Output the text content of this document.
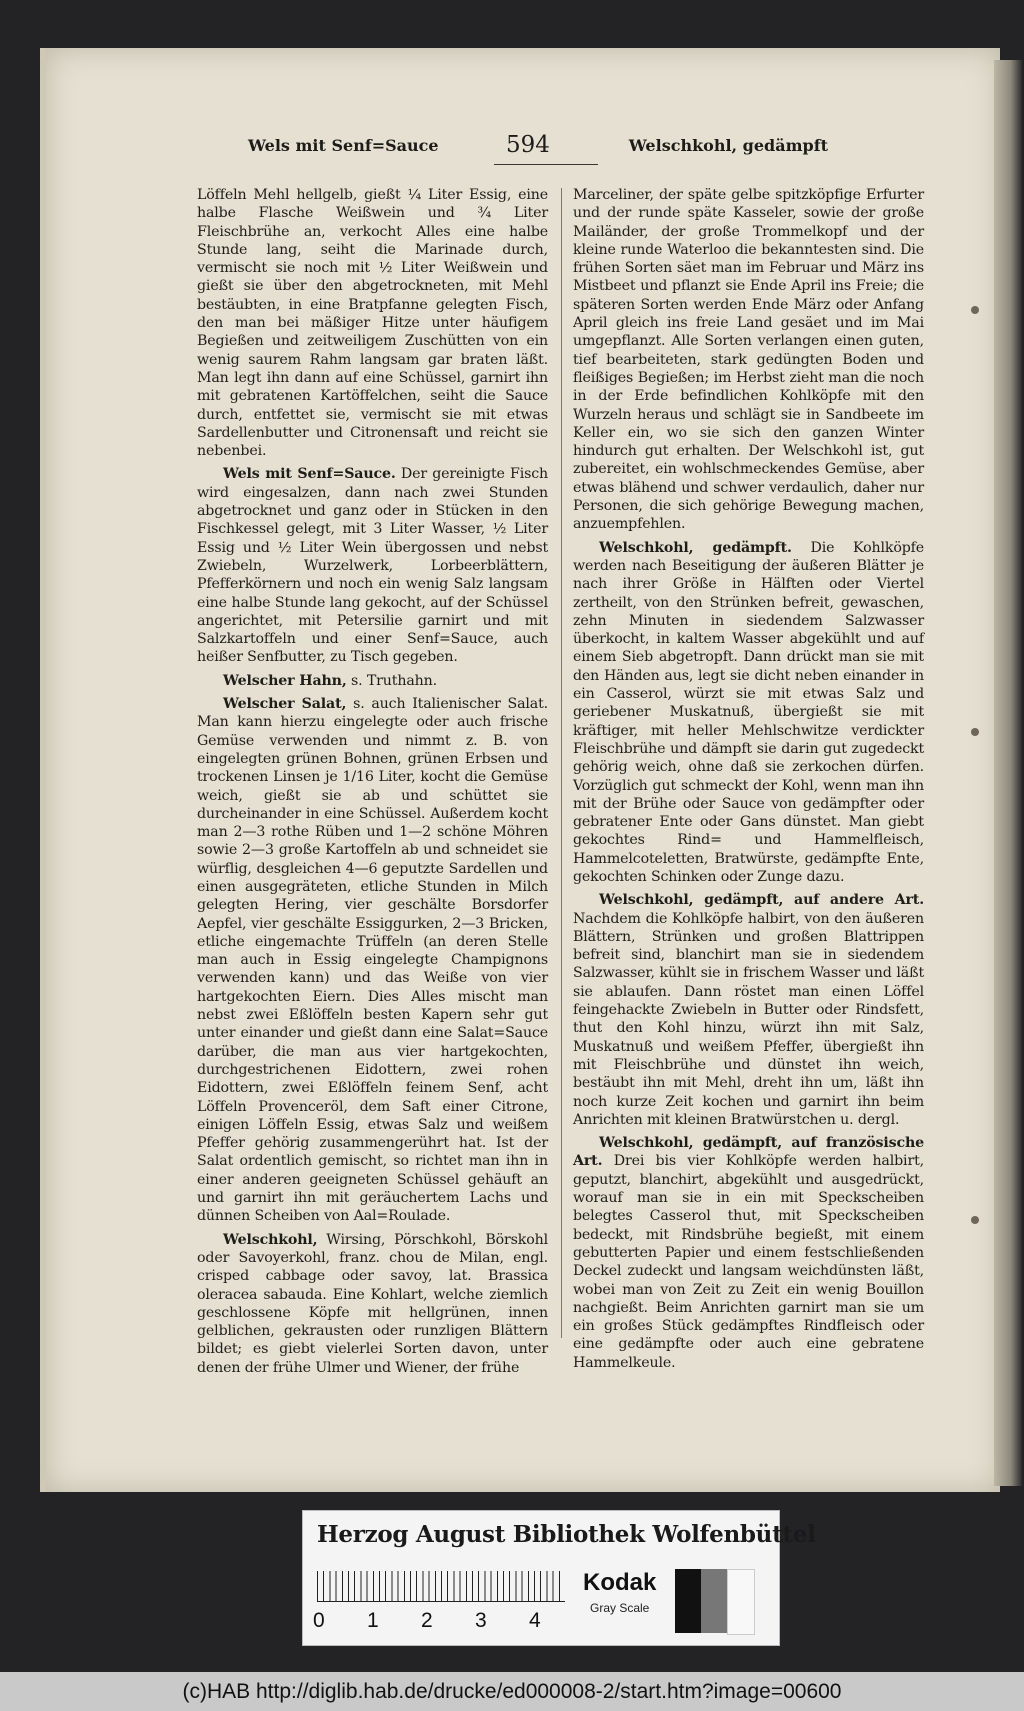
Wels mit Senf=Sauce	594	Welschkohl, gedämpft

Löffeln Mehl hellgelb, gießt ¼ Liter Essig, eine halbe Flasche Weißwein und ¾ Liter Fleischbrühe an, verkocht Alles eine halbe Stunde lang, seiht die Marinade durch, vermischt sie noch mit ½ Liter Weißwein und gießt sie über den abgetrockneten, mit Mehl bestäubten, in eine Bratpfanne gelegten Fisch, den man bei mäßiger Hitze unter häufigem Begießen und zeitweiligem Zuschütten von ein wenig saurem Rahm langsam gar braten läßt. Man legt ihn dann auf eine Schüssel, garnirt ihn mit gebratenen Kartöffelchen, seiht die Sauce durch, entfettet sie, vermischt sie mit etwas Sardellenbutter und Citronensaft und reicht sie nebenbei.

Wels mit Senf=Sauce. Der gereinigte Fisch wird eingesalzen, dann nach zwei Stunden abgetrocknet und ganz oder in Stücken in den Fischkessel gelegt, mit 3 Liter Wasser, ½ Liter Essig und ½ Liter Wein übergossen und nebst Zwiebeln, Wurzelwerk, Lorbeerblättern, Pfefferkörnern und noch ein wenig Salz langsam eine halbe Stunde lang gekocht, auf der Schüssel angerichtet, mit Petersilie garnirt und mit Salzkartoffeln und einer Senf=Sauce, auch heißer Senfbutter, zu Tisch gegeben.

Welscher Hahn, s. Truthahn.

Welscher Salat, s. auch Italienischer Salat. Man kann hierzu eingelegte oder auch frische Gemüse verwenden und nimmt z. B. von eingelegten grünen Bohnen, grünen Erbsen und trockenen Linsen je 1/16 Liter, kocht die Gemüse weich, gießt sie ab und schüttet sie durcheinander in eine Schüssel. Außerdem kocht man 2—3 rothe Rüben und 1—2 schöne Möhren sowie 2—3 große Kartoffeln ab und schneidet sie würflig, desgleichen 4—6 geputzte Sardellen und einen ausgegräteten, etliche Stunden in Milch gelegten Hering, vier geschälte Borsdorfer Aepfel, vier geschälte Essiggurken, 2—3 Bricken, etliche eingemachte Trüffeln (an deren Stelle man auch in Essig eingelegte Champignons verwenden kann) und das Weiße von vier hartgekochten Eiern. Dies Alles mischt man nebst zwei Eßlöffeln besten Kapern sehr gut unter einander und gießt dann eine Salat=Sauce darüber, die man aus vier hartgekochten, durchgestrichenen Eidottern, zwei rohen Eidottern, zwei Eßlöffeln feinem Senf, acht Löffeln Provenceröl, dem Saft einer Citrone, einigen Löffeln Essig, etwas Salz und weißem Pfeffer gehörig zusammengerührt hat. Ist der Salat ordentlich gemischt, so richtet man ihn in einer anderen geeigneten Schüssel gehäuft an und garnirt ihn mit geräuchertem Lachs und dünnen Scheiben von Aal=Roulade.

Welschkohl, Wirsing, Pörschkohl, Börskohl oder Savoyerkohl, franz. chou de Milan, engl. crisped cabbage oder savoy, lat. Brassica oleracea sabauda. Eine Kohlart, welche ziemlich geschlossene Köpfe mit hellgrünen, innen gelblichen, gekrausten oder runzligen Blättern bildet; es giebt vielerlei Sorten davon, unter denen der frühe Ulmer und Wiener, der frühe

Marceliner, der späte gelbe spitzköpfige Erfurter und der runde späte Kasseler, sowie der große Mailänder, der große Trommelkopf und der kleine runde Waterloo die bekanntesten sind. Die frühen Sorten säet man im Februar und März ins Mistbeet und pflanzt sie Ende April ins Freie; die späteren Sorten werden Ende März oder Anfang April gleich ins freie Land gesäet und im Mai umgepflanzt. Alle Sorten verlangen einen guten, tief bearbeiteten, stark gedüngten Boden und fleißiges Begießen; im Herbst zieht man die noch in der Erde befindlichen Kohlköpfe mit den Wurzeln heraus und schlägt sie in Sandbeete im Keller ein, wo sie sich den ganzen Winter hindurch gut erhalten. Der Welschkohl ist, gut zubereitet, ein wohlschmeckendes Gemüse, aber etwas blähend und schwer verdaulich, daher nur Personen, die sich gehörige Bewegung machen, anzuempfehlen.

Welschkohl, gedämpft. Die Kohlköpfe werden nach Beseitigung der äußeren Blätter je nach ihrer Größe in Hälften oder Viertel zertheilt, von den Strünken befreit, gewaschen, zehn Minuten in siedendem Salzwasser überkocht, in kaltem Wasser abgekühlt und auf einem Sieb abgetropft. Dann drückt man sie mit den Händen aus, legt sie dicht neben einander in ein Casserol, würzt sie mit etwas Salz und geriebener Muskatnuß, übergießt sie mit kräftiger, mit heller Mehlschwitze verdickter Fleischbrühe und dämpft sie darin gut zugedeckt gehörig weich, ohne daß sie zerkochen dürfen. Vorzüglich gut schmeckt der Kohl, wenn man ihn mit der Brühe oder Sauce von gedämpfter oder gebratener Ente oder Gans dünstet. Man giebt gekochtes Rind= und Hammelfleisch, Hammelcoteletten, Bratwürste, gedämpfte Ente, gekochten Schinken oder Zunge dazu.

Welschkohl, gedämpft, auf andere Art. Nachdem die Kohlköpfe halbirt, von den äußeren Blättern, Strünken und großen Blattrippen befreit sind, blanchirt man sie in siedendem Salzwasser, kühlt sie in frischem Wasser und läßt sie ablaufen. Dann röstet man einen Löffel feingehackte Zwiebeln in Butter oder Rindsfett, thut den Kohl hinzu, würzt ihn mit Salz, Muskatnuß und weißem Pfeffer, übergießt ihn mit Fleischbrühe und dünstet ihn weich, bestäubt ihn mit Mehl, dreht ihn um, läßt ihn noch kurze Zeit kochen und garnirt ihn beim Anrichten mit kleinen Bratwürstchen u. dergl.

Welschkohl, gedämpft, auf französische Art. Drei bis vier Kohlköpfe werden halbirt, geputzt, blanchirt, abgekühlt und ausgedrückt, worauf man sie in ein mit Speckscheiben belegtes Casserol thut, mit Speckscheiben bedeckt, mit Rindsbrühe begießt, mit einem gebutterten Papier und einem festschließenden Deckel zudeckt und langsam weichdünsten läßt, wobei man von Zeit zu Zeit ein wenig Bouillon nachgießt. Beim Anrichten garnirt man sie um ein großes Stück gedämpftes Rindfleisch oder eine gedämpfte oder auch eine gebratene Hammelkeule.

Herzog August Bibliothek Wolfenbüttel
0 1 2 3 4
Kodak
Gray Scale
(c)HAB http://diglib.hab.de/drucke/ed000008-2/start.htm?image=00600
